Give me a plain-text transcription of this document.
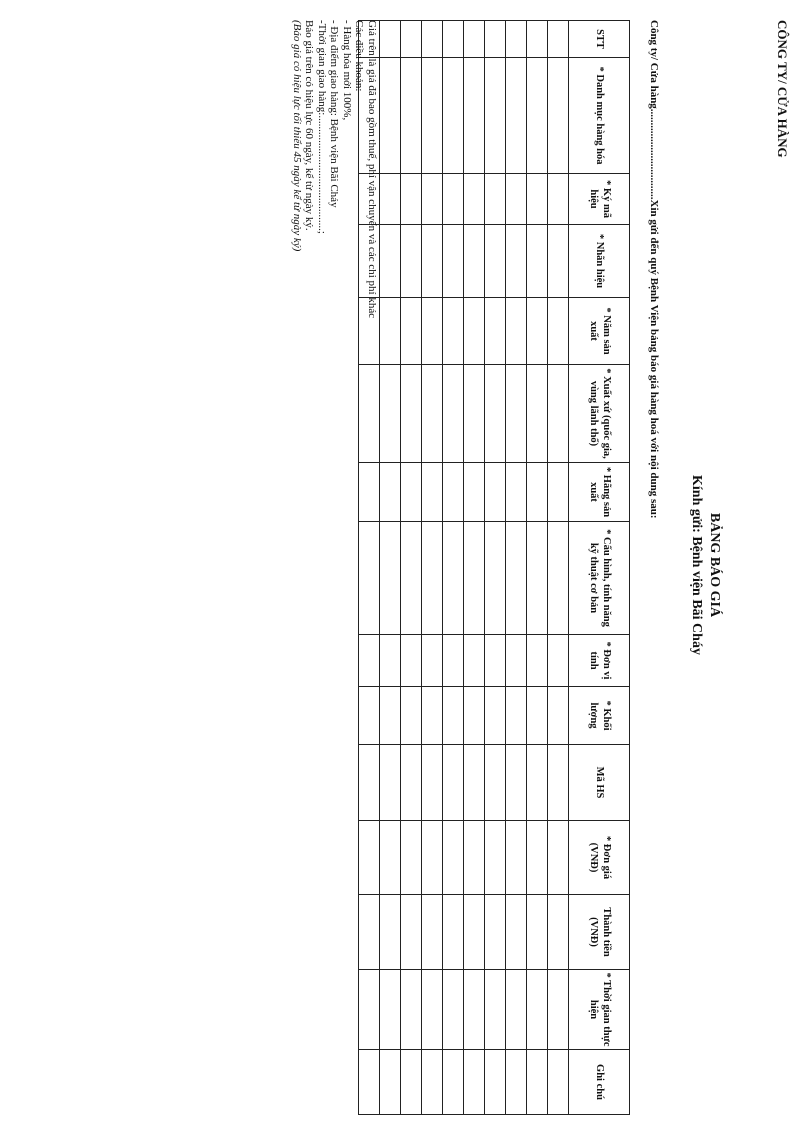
CÔNG TY/ CỬA HÀNG
BẢNG BÁO GIÁ
Kính gửi: Bệnh viện Bãi Cháy
Công ty/ Cửa hàng.................................Xin gửi đến quý Bệnh Viện bảng báo giá hàng hoá với nội dung sau:
STT	* Danh mục hàng hóa	* Ký mã hiệu	* Nhãn hiệu	* Năm sản xuất	* Xuất xứ (quốc gia, vùng lãnh thổ)	* Hãng sản xuất	* Cấu hình, tính năng kỹ thuật cơ bản	* Đơn vị tính	* Khối lượng	Mã HS	* Đơn giá (VNĐ)	Thành tiền (VNĐ)	* Thời gian thực hiện	Ghi chú

Giá trên là giá đã bao gồm thuế, phí vận chuyển và các chi phí khác
Các điều khoản:
- Hàng hóa mới 100%,
- Địa điểm giao hàng: Bệnh viện Bãi Cháy
-Thời gian giao hàng:..........................................;
Báo giá trên có hiệu lực 60 ngày, kể từ ngày ký.
(Báo giá có hiệu lực tối thiểu 45 ngày kể từ ngày ký)
